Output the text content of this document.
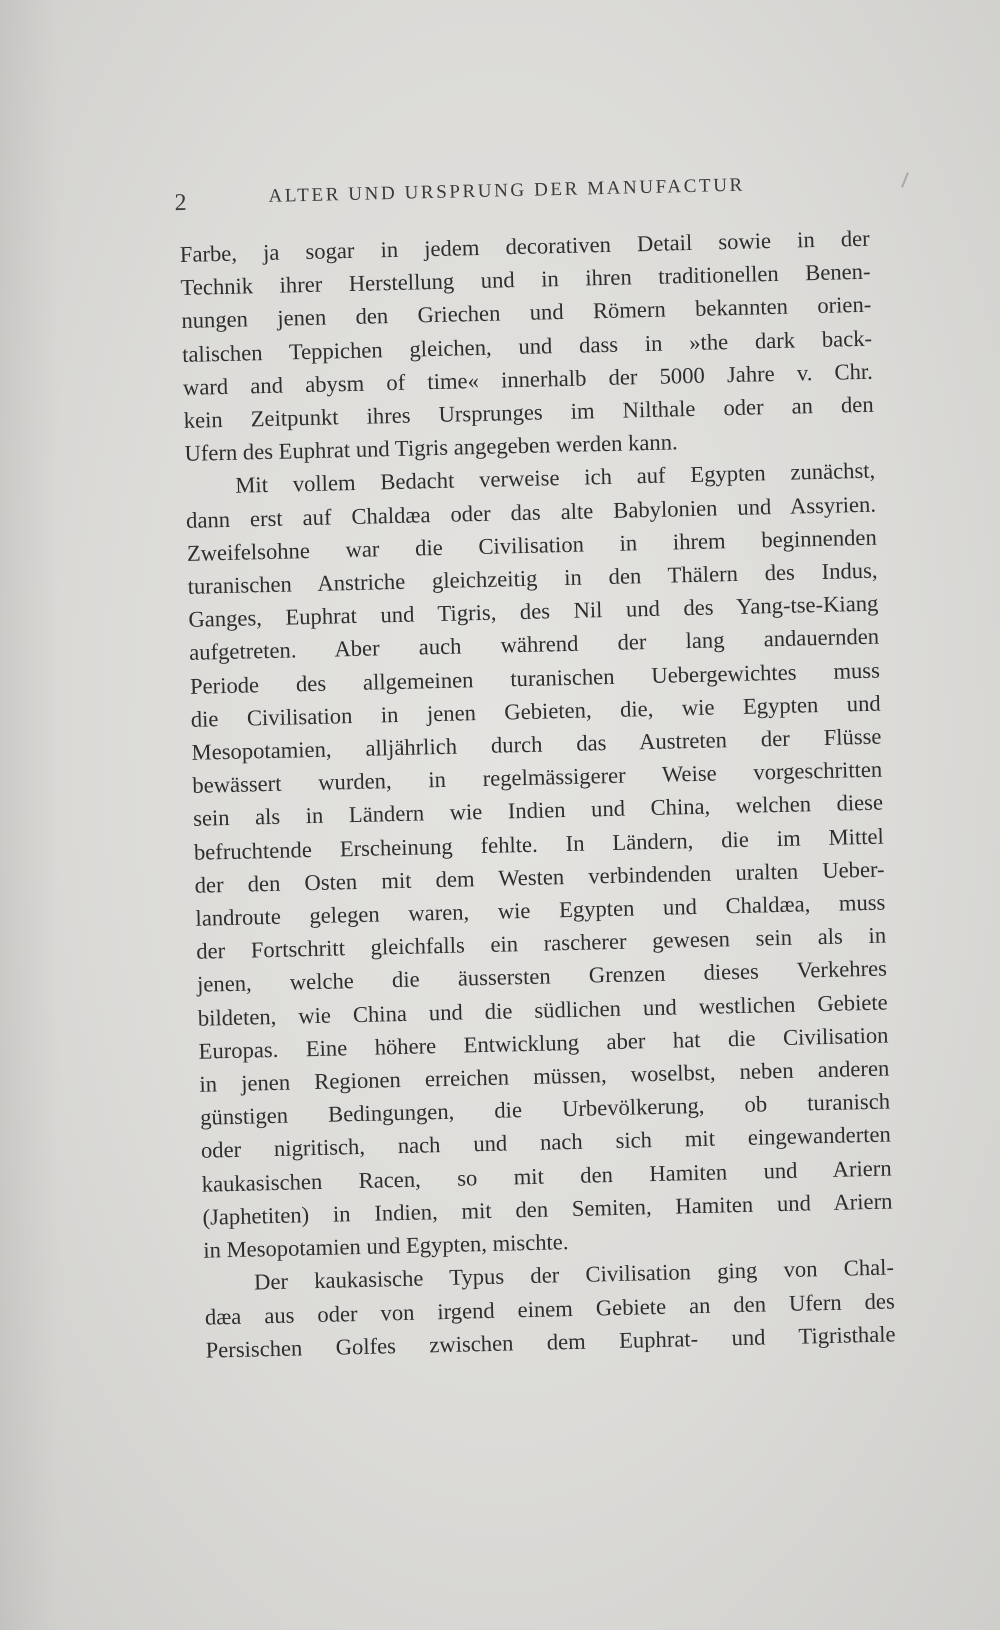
2	ALTER UND URSPRUNG DER MANUFACTUR
Farbe, ja sogar in jedem decorativen Detail sowie in der
Technik ihrer Herstellung und in ihren traditionellen Benen-
nungen jenen den Griechen und Römern bekannten orien-
talischen Teppichen gleichen, und dass in »the dark back-
ward and abysm of time« innerhalb der 5000 Jahre v. Chr.
kein Zeitpunkt ihres Ursprunges im Nilthale oder an den
Ufern des Euphrat und Tigris angegeben werden kann.
Mit vollem Bedacht verweise ich auf Egypten zunächst,
dann erst auf Chaldæa oder das alte Babylonien und Assyrien.
Zweifelsohne war die Civilisation in ihrem beginnenden
turanischen Anstriche gleichzeitig in den Thälern des Indus,
Ganges, Euphrat und Tigris, des Nil und des Yang-tse-Kiang
aufgetreten. Aber auch während der lang andauernden
Periode des allgemeinen turanischen Uebergewichtes muss
die Civilisation in jenen Gebieten, die, wie Egypten und
Mesopotamien, alljährlich durch das Austreten der Flüsse
bewässert wurden, in regelmässigerer Weise vorgeschritten
sein als in Ländern wie Indien und China, welchen diese
befruchtende Erscheinung fehlte. In Ländern, die im Mittel
der den Osten mit dem Westen verbindenden uralten Ueber-
landroute gelegen waren, wie Egypten und Chaldæa, muss
der Fortschritt gleichfalls ein rascherer gewesen sein als in
jenen, welche die äussersten Grenzen dieses Verkehres
bildeten, wie China und die südlichen und westlichen Gebiete
Europas. Eine höhere Entwicklung aber hat die Civilisation
in jenen Regionen erreichen müssen, woselbst, neben anderen
günstigen Bedingungen, die Urbevölkerung, ob turanisch
oder nigritisch, nach und nach sich mit eingewanderten
kaukasischen Racen, so mit den Hamiten und Ariern
(Japhetiten) in Indien, mit den Semiten, Hamiten und Ariern
in Mesopotamien und Egypten, mischte.
Der kaukasische Typus der Civilisation ging von Chal-
dæa aus oder von irgend einem Gebiete an den Ufern des
Persischen Golfes zwischen dem Euphrat- und Tigristhale
